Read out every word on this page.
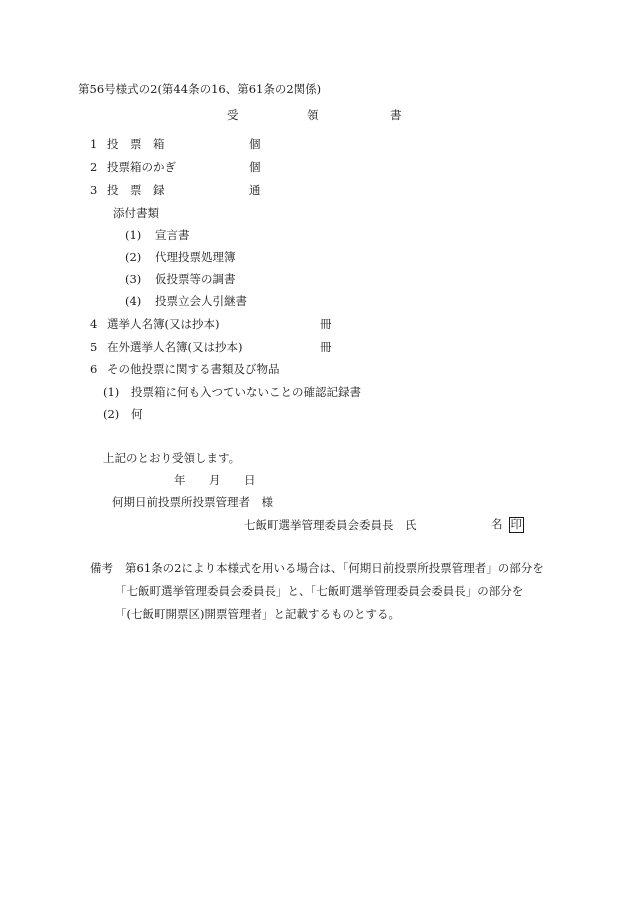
第56号様式の2(第44条の16、第61条の2関係)
受	領	書
1 投　票　箱	個
2 投票箱のかぎ	個
3 投　票　録	通
添付書類
(1) 宣言書
(2) 代理投票処理簿
(3) 仮投票等の調書
(4) 投票立会人引継書
4 選挙人名簿(又は抄本)	冊
5 在外選挙人名簿(又は抄本)	冊
6 その他投票に関する書類及び物品
(1) 投票箱に何も入つていないことの確認記録書
(2) 何
上記のとおり受領します。
年 月 日
何期日前投票所投票管理者　様
七飯町選挙管理委員会委員長　氏	名 印
備考 第61条の2により本様式を用いる場合は、「何期日前投票所投票管理者」の部分を
「七飯町選挙管理委員会委員長」と、「七飯町選挙管理委員会委員長」の部分を
「(七飯町開票区)開票管理者」と記載するものとする。
